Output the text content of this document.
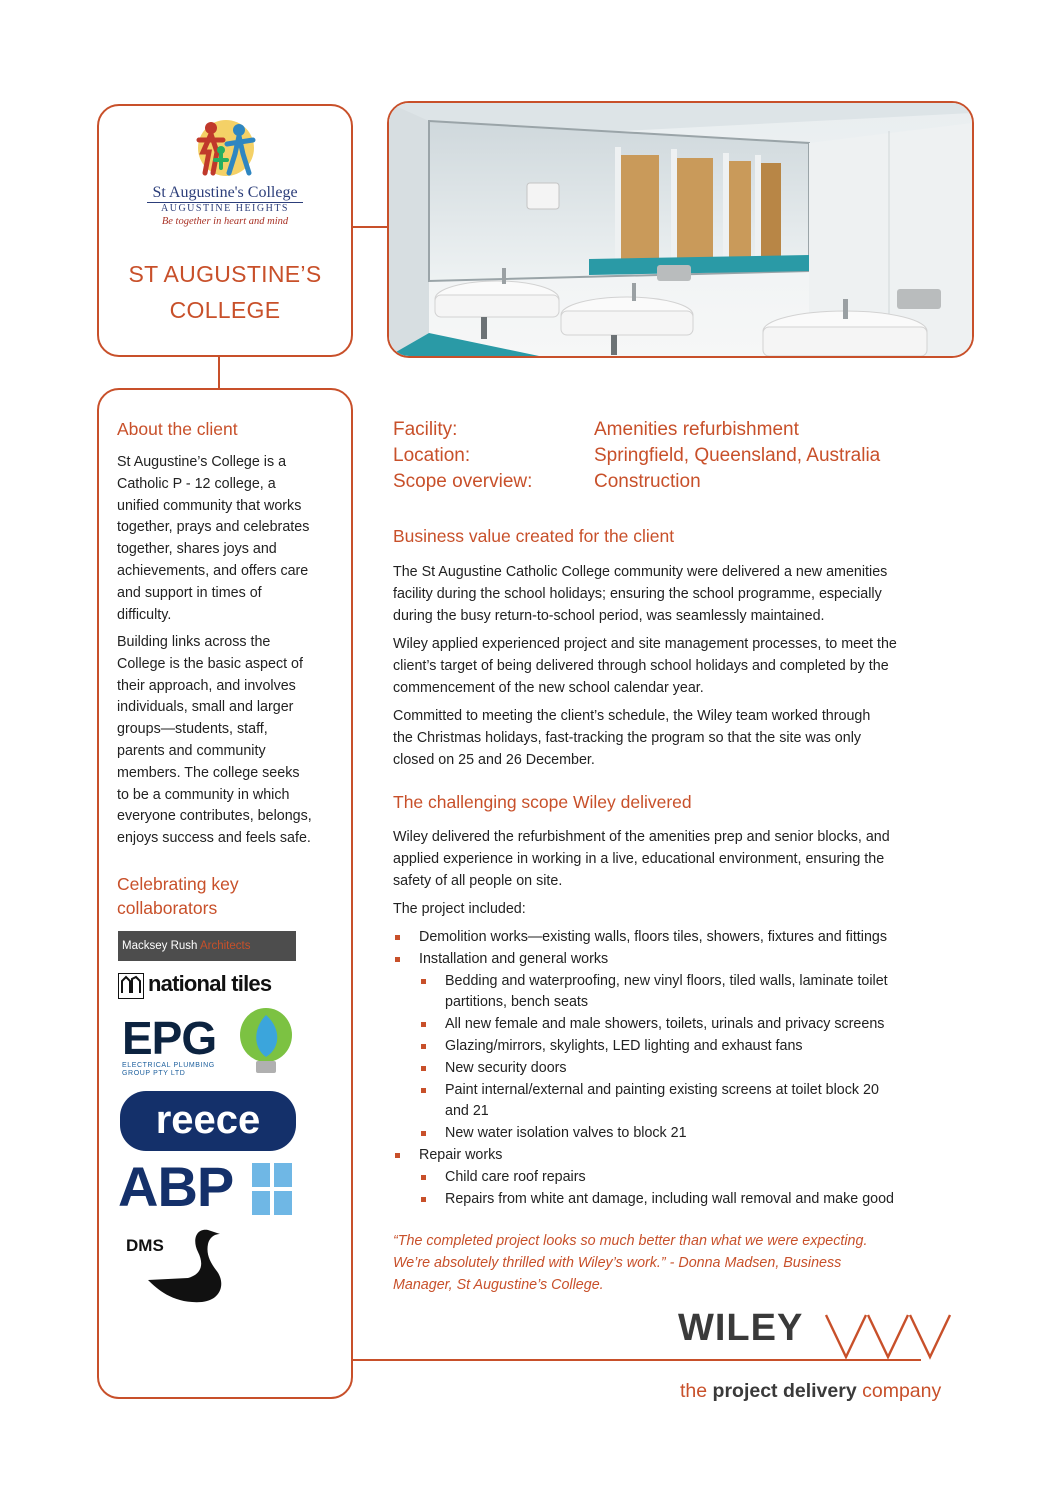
St Augustine's College
AUGUSTINE HEIGHTS
Be together in heart and mind
ST AUGUSTINE’S
COLLEGE
About the client

St Augustine’s College is a

Catholic P - 12 college, a

unified community that works

together, prays and celebrates

together, shares joys and

achievements, and offers care

and support in times of

difficulty.

Building links across the

College is the basic aspect of

their approach, and involves

individuals, small and larger

groups—students, staff,

parents and community

members. The college seeks

to be a community in which

everyone contributes, belongs,

enjoys success and feels safe.

Celebrating key
collaborators
Macksey Rush Architects
national tiles
EPG
ELECTRICAL PLUMBING GROUP PTY LTD
reece
ABP
DMS
Facility:	Amenities refurbishment
Location:	Springfield, Queensland, Australia
Scope overview:	Construction
Business value created for the client

The St Augustine Catholic College community were delivered a new amenities

facility during the school holidays; ensuring the school programme, especially

during the busy return-to-school period, was seamlessly maintained.

Wiley applied experienced project and site management processes, to meet the

client’s target of being delivered through school holidays and completed by the

commencement of the new school calendar year.

Committed to meeting the client’s schedule, the Wiley team worked through

the Christmas holidays, fast-tracking the program so that the site was only

closed on 25 and 26 December.

The challenging scope Wiley delivered

Wiley delivered the refurbishment of the amenities prep and senior blocks, and

applied experience in working in a live, educational environment, ensuring the

safety of all people on site.

The project included:

Demolition works—existing walls, floors tiles, showers, fixtures and fittings
Installation and general works
Bedding and waterproofing, new vinyl floors, tiled walls, laminate toilet
partitions, bench seats
All new female and male showers, toilets, urinals and privacy screens
Glazing/mirrors, skylights, LED lighting and exhaust fans
New security doors
Paint internal/external and painting existing screens at toilet block 20
and 21
New water isolation valves to block 21
Repair works
Child care roof repairs
Repairs from white ant damage, including wall removal and make good
“The completed project looks so much better than what we were expecting.
We’re absolutely thrilled with Wiley’s work.” - Donna Madsen, Business
Manager, St Augustine’s College.
WILEY
the project delivery company
